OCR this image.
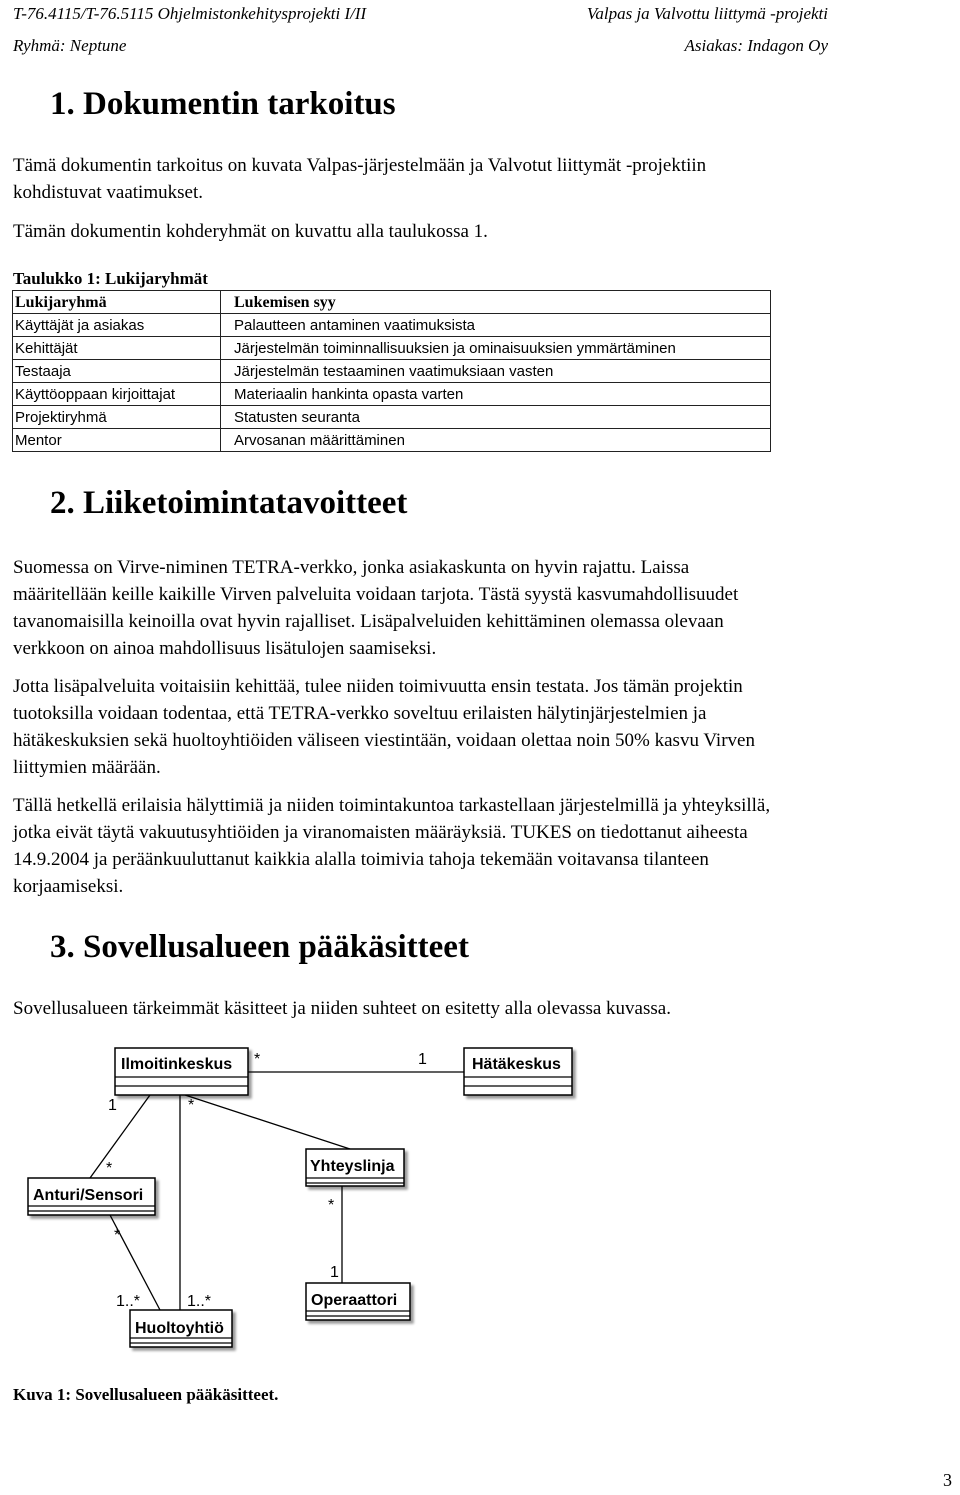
T-76.4115/T-76.5115 Ohjelmistonkehitysprojekti I/II	Valpas ja Valvottu liittymä -projekti
Ryhmä: Neptune	Asiakas: Indagon Oy
1. Dokumentin tarkoitus

Tämä dokumentin tarkoitus on kuvata Valpas-järjestelmään ja Valvotut liittymät -projektiin
kohdistuvat vaatimukset.

Tämän dokumentin kohderyhmät on kuvattu alla taulukossa 1.

Taulukko 1: Lukijaryhmät
Lukijaryhmä	Lukemisen syy
Käyttäjät ja asiakas	Palautteen antaminen vaatimuksista
Kehittäjät	Järjestelmän toiminnallisuuksien ja ominaisuuksien ymmärtäminen
Testaaja	Järjestelmän testaaminen vaatimuksiaan vasten
Käyttöoppaan kirjoittajat	Materiaalin hankinta opasta varten
Projektiryhmä	Statusten seuranta
Mentor	Arvosanan määrittäminen
2. Liiketoimintatavoitteet

Suomessa on Virve-niminen TETRA-verkko, jonka asiakaskunta on hyvin rajattu. Laissa
määritellään keille kaikille Virven palveluita voidaan tarjota. Tästä syystä kasvumahdollisuudet
tavanomaisilla keinoilla ovat hyvin rajalliset. Lisäpalveluiden kehittäminen olemassa olevaan
verkkoon on ainoa mahdollisuus lisätulojen saamiseksi.

Jotta lisäpalveluita voitaisiin kehittää, tulee niiden toimivuutta ensin testata. Jos tämän projektin
tuotoksilla voidaan todentaa, että TETRA-verkko soveltuu erilaisten hälytinjärjestelmien ja
hätäkeskuksien sekä huoltoyhtiöiden väliseen viestintään, voidaan olettaa noin 50% kasvu Virven
liittymien määrään.

Tällä hetkellä erilaisia hälyttimiä ja niiden toimintakuntoa tarkastellaan järjestelmillä ja yhteyksillä,
jotka eivät täytä vakuutusyhtiöiden ja viranomaisten määräyksiä. TUKES on tiedottanut aiheesta
14.9.2004 ja peräänkuuluttanut kaikkia alalla toimivia tahoja tekemään voitavansa tilanteen
korjaamiseksi.

3. Sovellusalueen pääkäsitteet

Sovellusalueen tärkeimmät käsitteet ja niiden suhteet on esitetty alla olevassa kuvassa.

Ilmoitinkeskus	Hätäkeskus
Yhteyslinja
Anturi/Sensori
Operaattori
Huoltoyhtiö
*	1
1	*
*
*
*
1
1..*	1..*
Kuva 1: Sovellusalueen pääkäsitteet.
3
